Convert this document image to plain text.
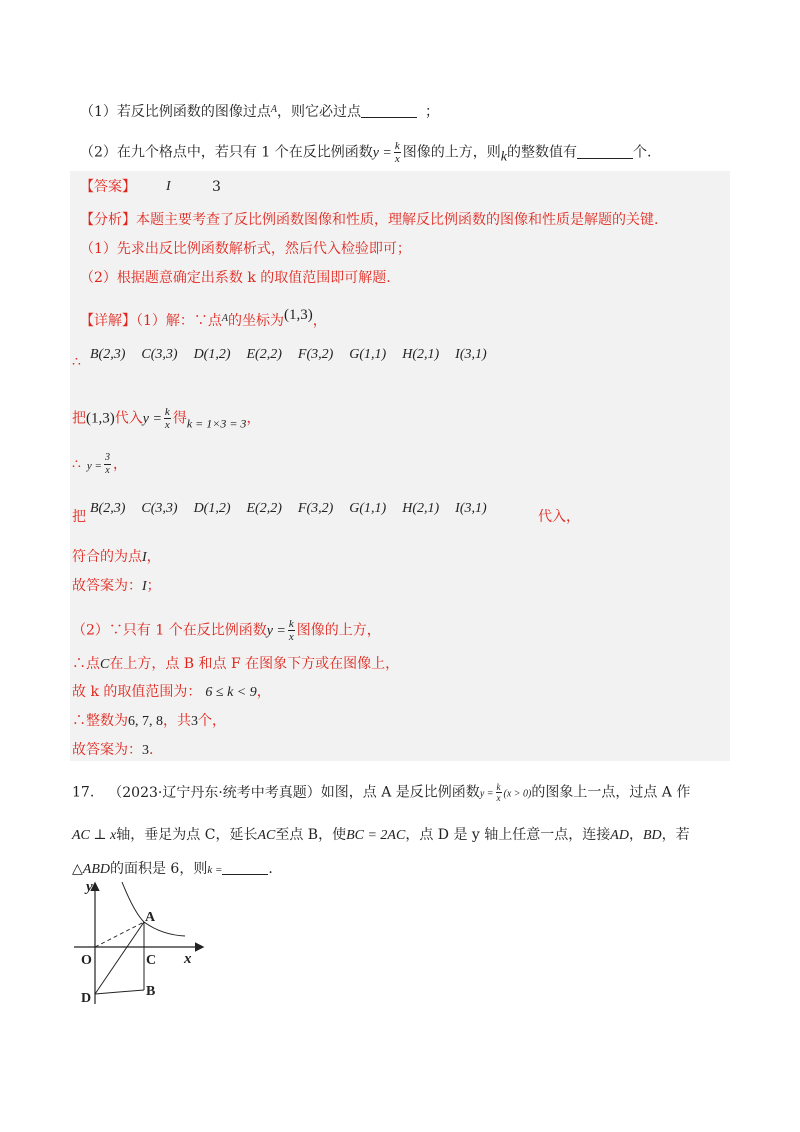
（1）若反比例函数的图像过点$^A$，则它必过点	；
（2）在九个格点中，若只有 1 个在反比例函数$y = \frac{k}{x}$ 图像的上方，则k的整数值有	个.
【答案】 I	3
【分析】本题主要考查了反比例函数图像和性质，理解反比例函数的图像和性质是解题的关键.
（1）先求出反比例函数解析式，然后代入检验即可；
（2）根据题意确定出系数 k 的取值范围即可解题.
【详解】（1）解：∵点$^A$的坐标为(1,3)，
∴ B(2,3) C(3,3) D(1,2) E(2,2) F(3,2) G(1,1) H(2,1) I(3,1)
把(1,3)代入$y = \frac{k}{x}$ 得k = 1×3 = 3，
∴ $y = \frac{3}{x}$ ，
把
B(2,3) C(3,3) D(1,2) E(2,2) F(3,2) G(1,1) H(2,1) I(3,1)
代入，
符合的为点I，
故答案为：I；
（2）∵只有 1 个在反比例函数$y = \frac{k}{x}$ 图像的上方，
∴点C在上方，点 B 和点 F 在图象下方或在图像上，
故 k 的取值范围为： 6 ≤ k < 9，
∴整数为6, 7, 8，共3个，
故答案为：3.
17. （2023·辽宁丹东·统考中考真题）如图，点 A 是反比例函数$y = \frac{k}{x} (x > 0)$的图象上一点，过点 A 作
AC ⊥ x轴，垂足为点 C，延长AC至点 B，使BC = 2AC，点 D 是 y 轴上任意一点，连接AD，BD，若
△ABD的面积是 6，则k =	.
y
x
O
A
C
B
D
